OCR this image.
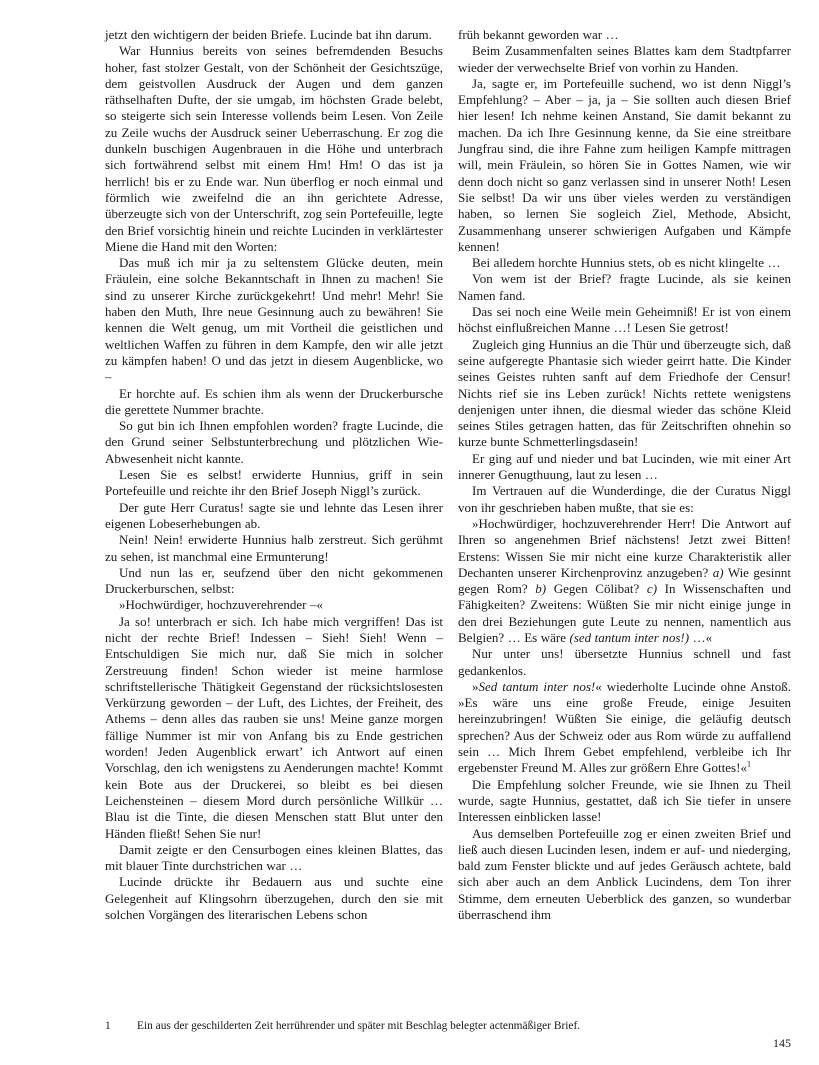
jetzt den wichtigern der beiden Briefe. Lucinde bat ihn darum.

War Hunnius bereits von seines befremdenden Besuchs hoher, fast stolzer Gestalt, von der Schönheit der Gesichtszüge, dem geistvollen Ausdruck der Augen und dem ganzen räthselhaften Dufte, der sie umgab, im höchsten Grade belebt, so steigerte sich sein Interesse vollends beim Lesen. Von Zeile zu Zeile wuchs der Ausdruck seiner Ueberraschung. Er zog die dunkeln buschigen Augenbrauen in die Höhe und unterbrach sich fortwährend selbst mit einem Hm! Hm! O das ist ja herrlich! bis er zu Ende war. Nun überflog er noch einmal und förmlich wie zweifelnd die an ihn gerichtete Adresse, überzeugte sich von der Unterschrift, zog sein Portefeuille, legte den Brief vorsichtig hinein und reichte Lucinden in verklärtester Miene die Hand mit den Worten:

Das muß ich mir ja zu seltenstem Glücke deuten, mein Fräulein, eine solche Bekanntschaft in Ihnen zu machen! Sie sind zu unserer Kirche zurückgekehrt! Und mehr! Mehr! Sie haben den Muth, Ihre neue Gesinnung auch zu bewähren! Sie kennen die Welt genug, um mit Vortheil die geistlichen und weltlichen Waffen zu führen in dem Kampfe, den wir alle jetzt zu kämpfen haben! O und das jetzt in diesem Augenblicke, wo –

Er horchte auf. Es schien ihm als wenn der Druckerbursche die gerettete Nummer brachte.

So gut bin ich Ihnen empfohlen worden? fragte Lucinde, die den Grund seiner Selbstunterbrechung und plötzlichen Wie-Abwesenheit nicht kannte.

Lesen Sie es selbst! erwiderte Hunnius, griff in sein Portefeuille und reichte ihr den Brief Joseph Niggl’s zurück.

Der gute Herr Curatus! sagte sie und lehnte das Lesen ihrer eigenen Lobeserhebungen ab.

Nein! Nein! erwiderte Hunnius halb zerstreut. Sich gerühmt zu sehen, ist manchmal eine Ermunterung!

Und nun las er, seufzend über den nicht gekommenen Druckerburschen, selbst:

»Hochwürdiger, hochzuverehrender –«

Ja so! unterbrach er sich. Ich habe mich vergriffen! Das ist nicht der rechte Brief! Indessen – Sieh! Sieh! Wenn – Entschuldigen Sie mich nur, daß Sie mich in solcher Zerstreuung finden! Schon wieder ist meine harmlose schriftstellerische Thätigkeit Gegenstand der rücksichtslosesten Verkürzung geworden – der Luft, des Lichtes, der Freiheit, des Athems – denn alles das rauben sie uns! Meine ganze morgen fällige Nummer ist mir von Anfang bis zu Ende gestrichen worden! Jeden Augenblick erwart’ ich Antwort auf einen Vorschlag, den ich wenigstens zu Aenderungen machte! Kommt kein Bote aus der Druckerei, so bleibt es bei diesen Leichensteinen – diesem Mord durch persönliche Willkür … Blau ist die Tinte, die diesen Menschen statt Blut unter den Händen fließt! Sehen Sie nur!

Damit zeigte er den Censurbogen eines kleinen Blattes, das mit blauer Tinte durchstrichen war …

Lucinde drückte ihr Bedauern aus und suchte eine Gelegenheit auf Klingsohrn überzugehen, durch den sie mit solchen Vorgängen des literarischen Lebens schon

früh bekannt geworden war …

Beim Zusammenfalten seines Blattes kam dem Stadtpfarrer wieder der verwechselte Brief von vorhin zu Handen.

Ja, sagte er, im Portefeuille suchend, wo ist denn Niggl’s Empfehlung? – Aber – ja, ja – Sie sollten auch diesen Brief hier lesen! Ich nehme keinen Anstand, Sie damit bekannt zu machen. Da ich Ihre Gesinnung kenne, da Sie eine streitbare Jungfrau sind, die ihre Fahne zum heiligen Kampfe mittragen will, mein Fräulein, so hören Sie in Gottes Namen, wie wir denn doch nicht so ganz verlassen sind in unserer Noth! Lesen Sie selbst! Da wir uns über vieles werden zu verständigen haben, so lernen Sie sogleich Ziel, Methode, Absicht, Zusammenhang unserer schwierigen Aufgaben und Kämpfe kennen!

Bei alledem horchte Hunnius stets, ob es nicht klingelte …

Von wem ist der Brief? fragte Lucinde, als sie keinen Namen fand.

Das sei noch eine Weile mein Geheimniß! Er ist von einem höchst einflußreichen Manne …! Lesen Sie getrost!

Zugleich ging Hunnius an die Thür und überzeugte sich, daß seine aufgeregte Phantasie sich wieder geirrt hatte. Die Kinder seines Geistes ruhten sanft auf dem Friedhofe der Censur! Nichts rief sie ins Leben zurück! Nichts rettete wenigstens denjenigen unter ihnen, die diesmal wieder das schöne Kleid seines Stiles getragen hatten, das für Zeitschriften ohnehin so kurze bunte Schmetterlingsdasein!

Er ging auf und nieder und bat Lucinden, wie mit einer Art innerer Genugthuung, laut zu lesen …

Im Vertrauen auf die Wunderdinge, die der Curatus Niggl von ihr geschrieben haben mußte, that sie es:

»Hochwürdiger, hochzuverehrender Herr! Die Antwort auf Ihren so angenehmen Brief nächstens! Jetzt zwei Bitten! Erstens: Wissen Sie mir nicht eine kurze Charakteristik aller Dechanten unserer Kirchenprovinz anzugeben? a) Wie gesinnt gegen Rom? b) Gegen Cölibat? c) In Wissenschaften und Fähigkeiten? Zweitens: Wüßten Sie mir nicht einige junge in den drei Beziehungen gute Leute zu nennen, namentlich aus Belgien? … Es wäre (sed tantum inter nos!) …«

Nur unter uns! übersetzte Hunnius schnell und fast gedankenlos.

»Sed tantum inter nos!« wiederholte Lucinde ohne Anstoß. »Es wäre uns eine große Freude, einige Jesuiten hereinzubringen! Wüßten Sie einige, die geläufig deutsch sprechen? Aus der Schweiz oder aus Rom würde zu auffallend sein … Mich Ihrem Gebet empfehlend, verbleibe ich Ihr ergebenster Freund M. Alles zur größern Ehre Gottes!«$^1$

Die Empfehlung solcher Freunde, wie sie Ihnen zu Theil wurde, sagte Hunnius, gestattet, daß ich Sie tiefer in unsere Interessen einblicken lasse!

Aus demselben Portefeuille zog er einen zweiten Brief und ließ auch diesen Lucinden lesen, indem er auf- und niederging, bald zum Fenster blickte und auf jedes Geräusch achtete, bald sich aber auch an dem Anblick Lucindens, dem Ton ihrer Stimme, dem erneuten Ueberblick des ganzen, so wunderbar überraschend ihm

1	Ein aus der geschilderten Zeit herrührender und später mit Beschlag belegter actenmäßiger Brief.
145
